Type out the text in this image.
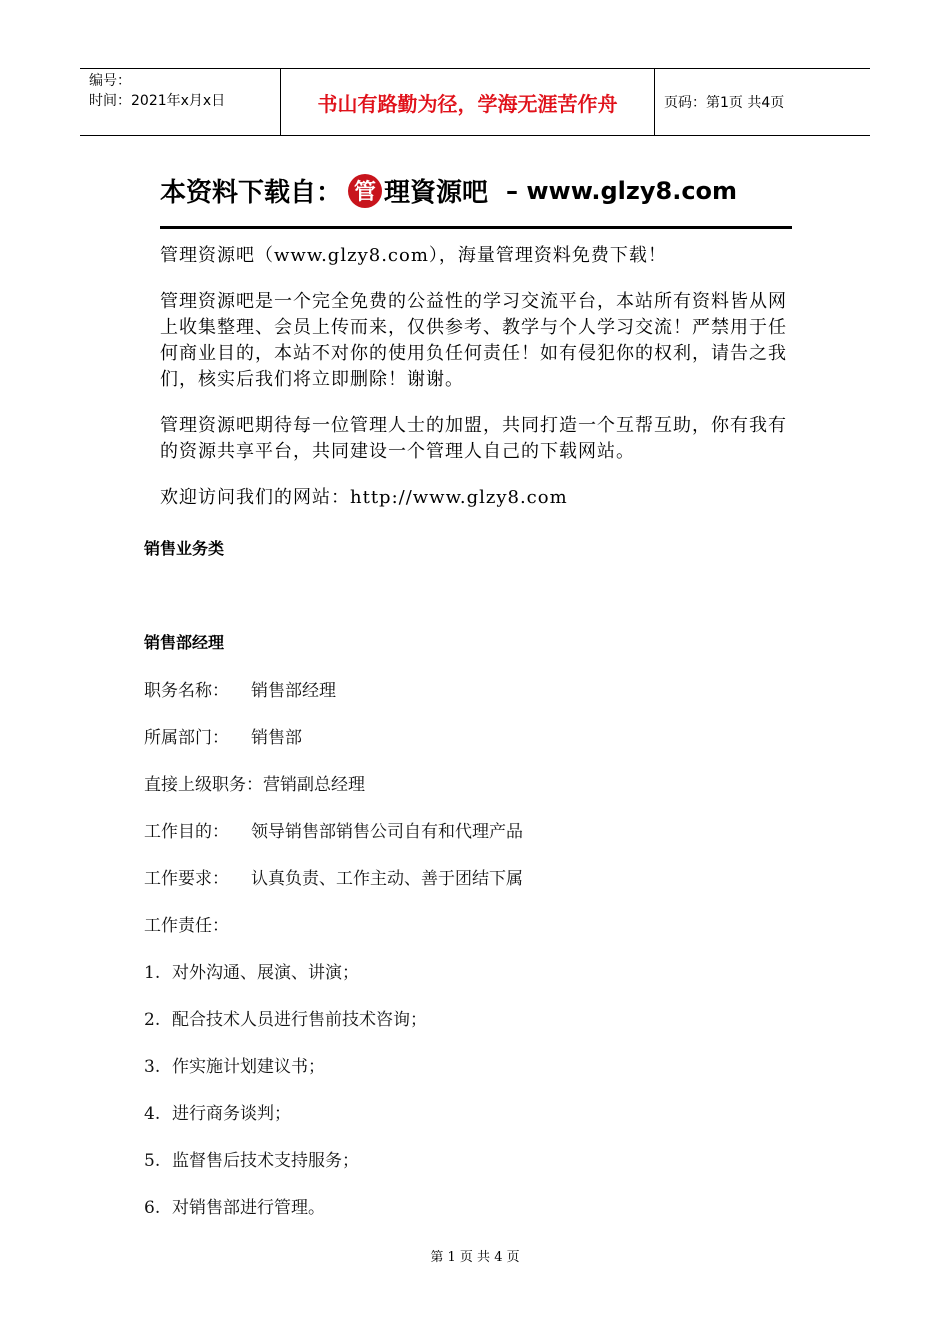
编号：
时间：2021年x月x日	书山有路勤为径，学海无涯苦作舟	页码：第1页 共4页
本资料下载自： 管 理資源吧 – www.glzy8.com

管理资源吧（www.glzy8.com），海量管理资料免费下载！

管理资源吧是一个完全免费的公益性的学习交流平台，本站所有资料皆从网上收集整理、会员上传而来，仅供参考、教学与个人学习交流！严禁用于任何商业目的，本站不对你的使用负任何责任！如有侵犯你的权利，请告之我们，核实后我们将立即删除！谢谢。

管理资源吧期待每一位管理人士的加盟，共同打造一个互帮互助，你有我有的资源共享平台，共同建设一个管理人自己的下载网站。

欢迎访问我们的网站：http://www.glzy8.com

销售业务类
销售部经理
职务名称： 销售部经理
所属部门： 销售部
直接上级职务：营销副总经理
工作目的： 领导销售部销售公司自有和代理产品
工作要求： 认真负责、工作主动、善于团结下属
工作责任：
1. 对外沟通、展演、讲演；
2. 配合技术人员进行售前技术咨询；
3. 作实施计划建议书；
4. 进行商务谈判；
5. 监督售后技术支持服务；
6. 对销售部进行管理。
第 1 页 共 4 页
